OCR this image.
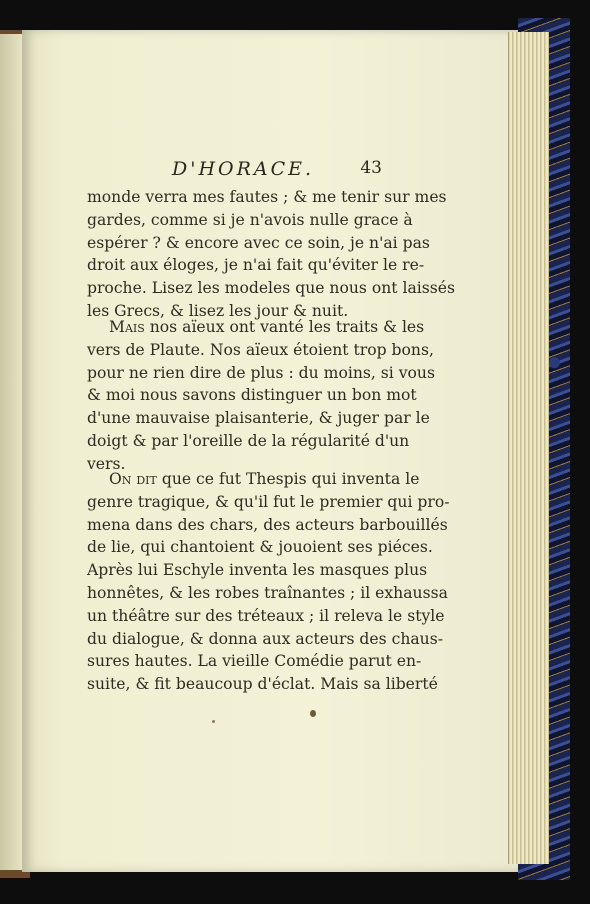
D'HORACE.	43
monde verra mes fautes ; & me tenir sur mes
gardes, comme si je n'avois nulle grace à
espérer ? & encore avec ce soin, je n'ai pas
droit aux éloges, je n'ai fait qu'éviter le re-
proche. Lisez les modeles que nous ont laissés
les Grecs, & lisez les jour & nuit.
Mais nos aïeux ont vanté les traits & les
vers de Plaute. Nos aïeux étoient trop bons,
pour ne rien dire de plus : du moins, si vous
& moi nous savons distinguer un bon mot
d'une mauvaise plaisanterie, & juger par le
doigt & par l'oreille de la régularité d'un
vers.
On dit que ce fut Thespis qui inventa le
genre tragique, & qu'il fut le premier qui pro-
mena dans des chars, des acteurs barbouillés
de lie, qui chantoient & jouoient ses piéces.
Après lui Eschyle inventa les masques plus
honnêtes, & les robes traînantes ; il exhaussa
un théâtre sur des tréteaux ; il releva le style
du dialogue, & donna aux acteurs des chaus-
sures hautes. La vieille Comédie parut en-
suite, & fit beaucoup d'éclat. Mais sa liberté
